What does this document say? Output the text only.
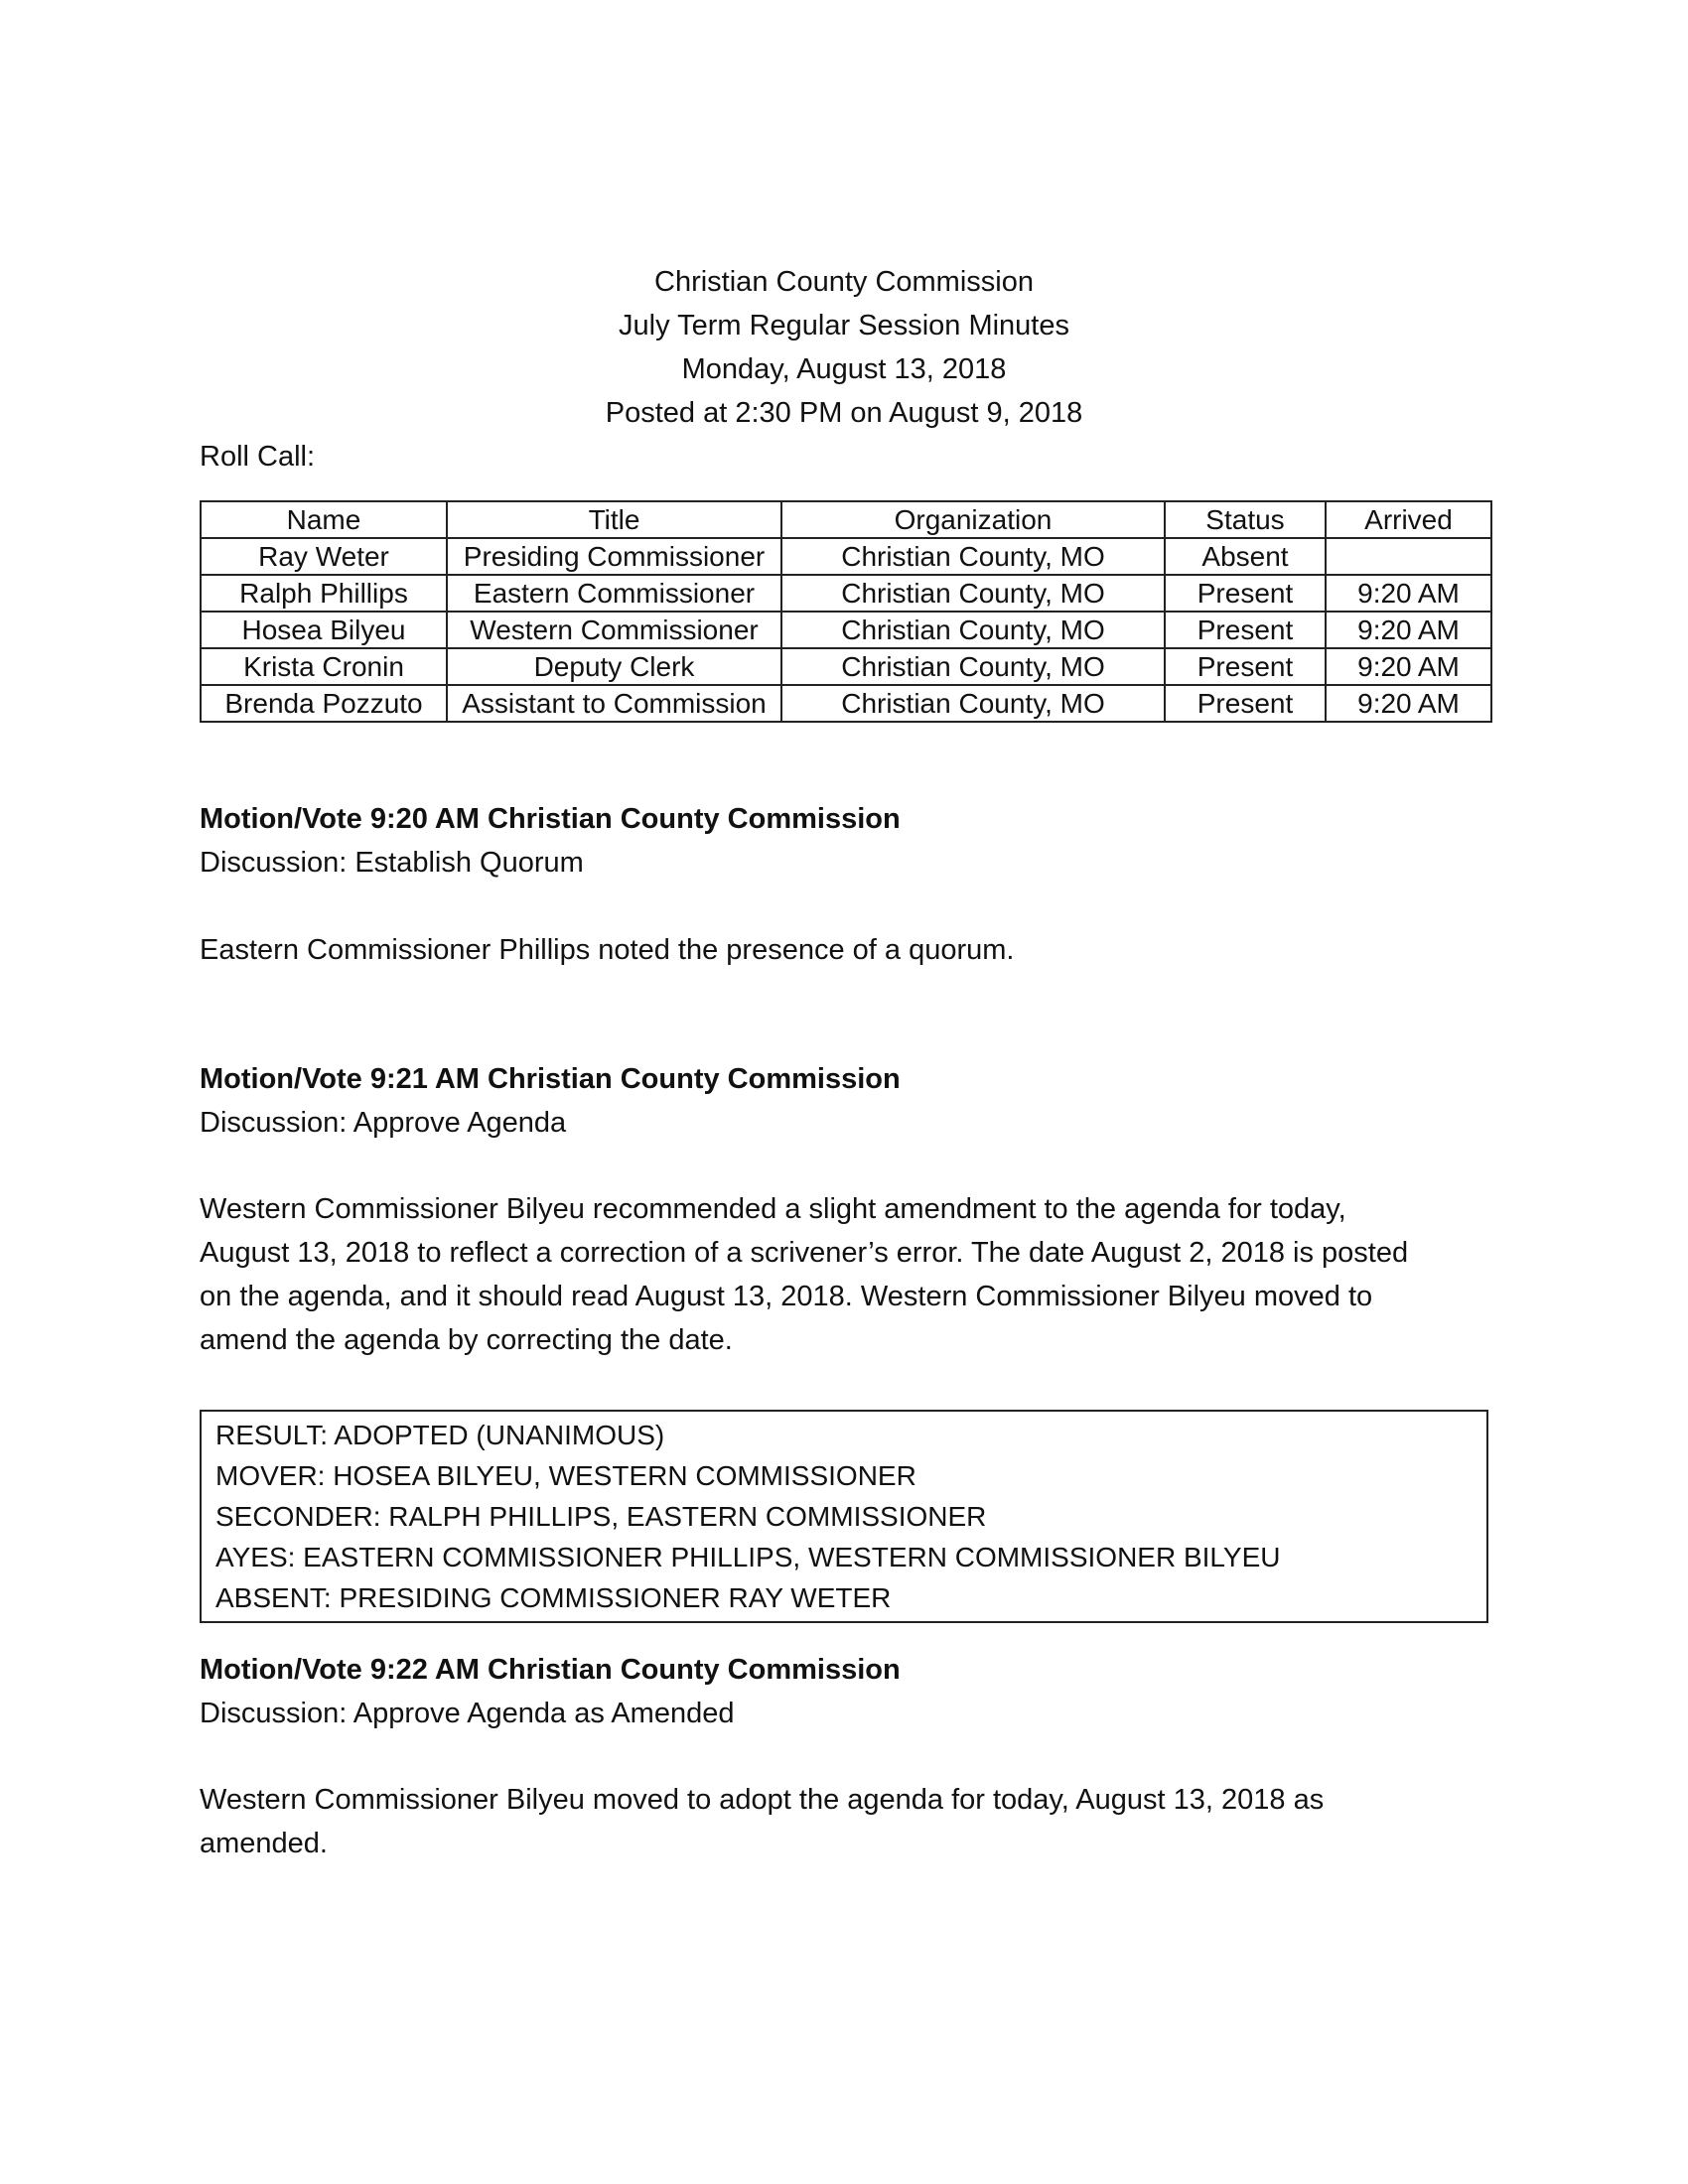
Christian County Commission
July Term Regular Session Minutes
Monday, August 13, 2018
Posted at 2:30 PM on August 9, 2018
Roll Call:
Name	Title	Organization	Status	Arrived
Ray Weter	Presiding Commissioner	Christian County, MO	Absent	
Ralph Phillips	Eastern Commissioner	Christian County, MO	Present	9:20 AM
Hosea Bilyeu	Western Commissioner	Christian County, MO	Present	9:20 AM
Krista Cronin	Deputy Clerk	Christian County, MO	Present	9:20 AM
Brenda Pozzuto	Assistant to Commission	Christian County, MO	Present	9:20 AM
Motion/Vote 9:20 AM Christian County Commission
Discussion: Establish Quorum
Eastern Commissioner Phillips noted the presence of a quorum.
Motion/Vote 9:21 AM Christian County Commission
Discussion: Approve Agenda
Western Commissioner Bilyeu recommended a slight amendment to the agenda for today,
August 13, 2018 to reflect a correction of a scrivener’s error. The date August 2, 2018 is posted
on the agenda, and it should read August 13, 2018. Western Commissioner Bilyeu moved to
amend the agenda by correcting the date.
RESULT: ADOPTED (UNANIMOUS)
MOVER: HOSEA BILYEU, WESTERN COMMISSIONER
SECONDER: RALPH PHILLIPS, EASTERN COMMISSIONER
AYES: EASTERN COMMISSIONER PHILLIPS, WESTERN COMMISSIONER BILYEU
ABSENT: PRESIDING COMMISSIONER RAY WETER
Motion/Vote 9:22 AM Christian County Commission
Discussion: Approve Agenda as Amended
Western Commissioner Bilyeu moved to adopt the agenda for today, August 13, 2018 as
amended.
